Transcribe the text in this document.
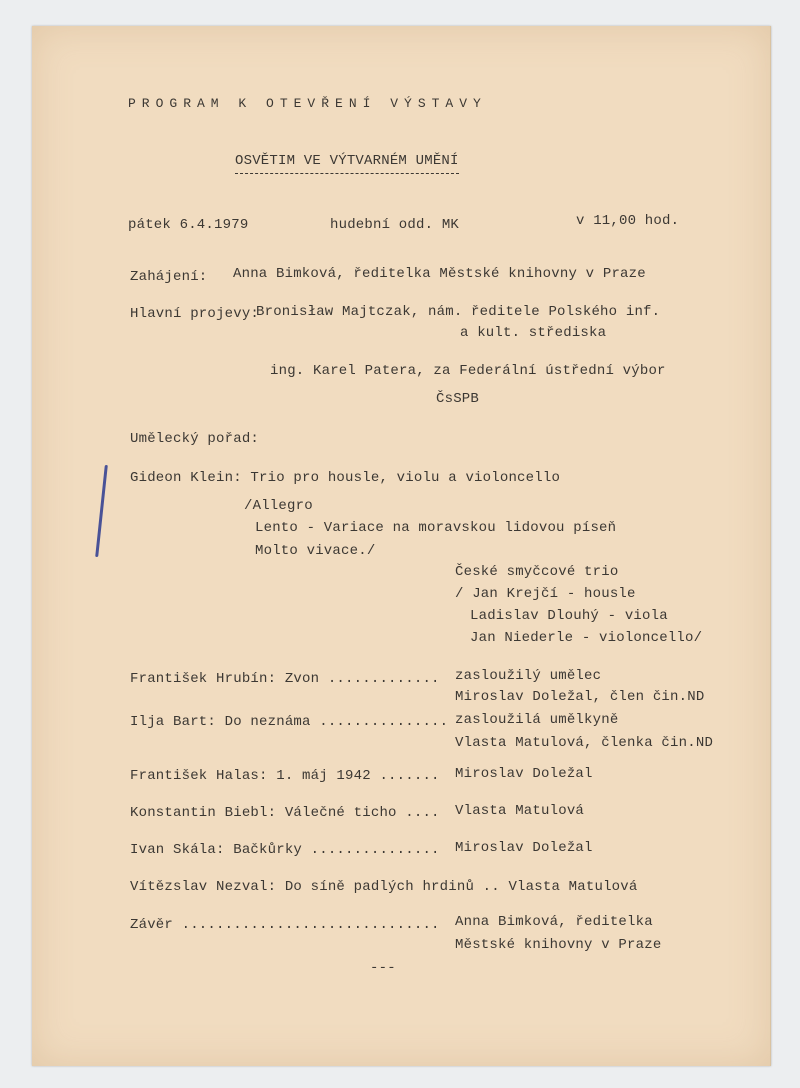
PROGRAM K OTEVŘENÍ VÝSTAVY
OSVĚTIM VE VÝTVARNÉM UMĚNÍ
pátek 6.4.1979	hudební odd. MK	v 11,00 hod.
Zahájení: Anna Bimková, ředitelka Městské knihovny v Praze
Hlavní projevy:
Bronisław Majtczak, nám. ředitele Polského inf.
a kult. střediska
ing. Karel Patera, za Federální ústřední výbor
ČsSPB
Umělecký pořad:
Gideon Klein: Trio pro housle, violu a violoncello
/Allegro
Lento - Variace na moravskou lidovou píseň
Molto vivace./
České smyčcové trio
/ Jan Krejčí - housle
Ladislav Dlouhý - viola
Jan Niederle - violoncello/
František Hrubín: Zvon ............. zasloužilý umělec
Miroslav Doležal, člen čin.ND
Ilja Bart: Do neznáma ............... zasloužilá umělkyně
Vlasta Matulová, členka čin.ND
František Halas: 1. máj 1942 ....... Miroslav Doležal
Konstantin Biebl: Válečné ticho .... Vlasta Matulová
Ivan Skála: Bačkůrky ............... Miroslav Doležal
Vítězslav Nezval: Do síně padlých hrdinů .. Vlasta Matulová
Závěr .............................. Anna Bimková, ředitelka
Městské knihovny v Praze
---
